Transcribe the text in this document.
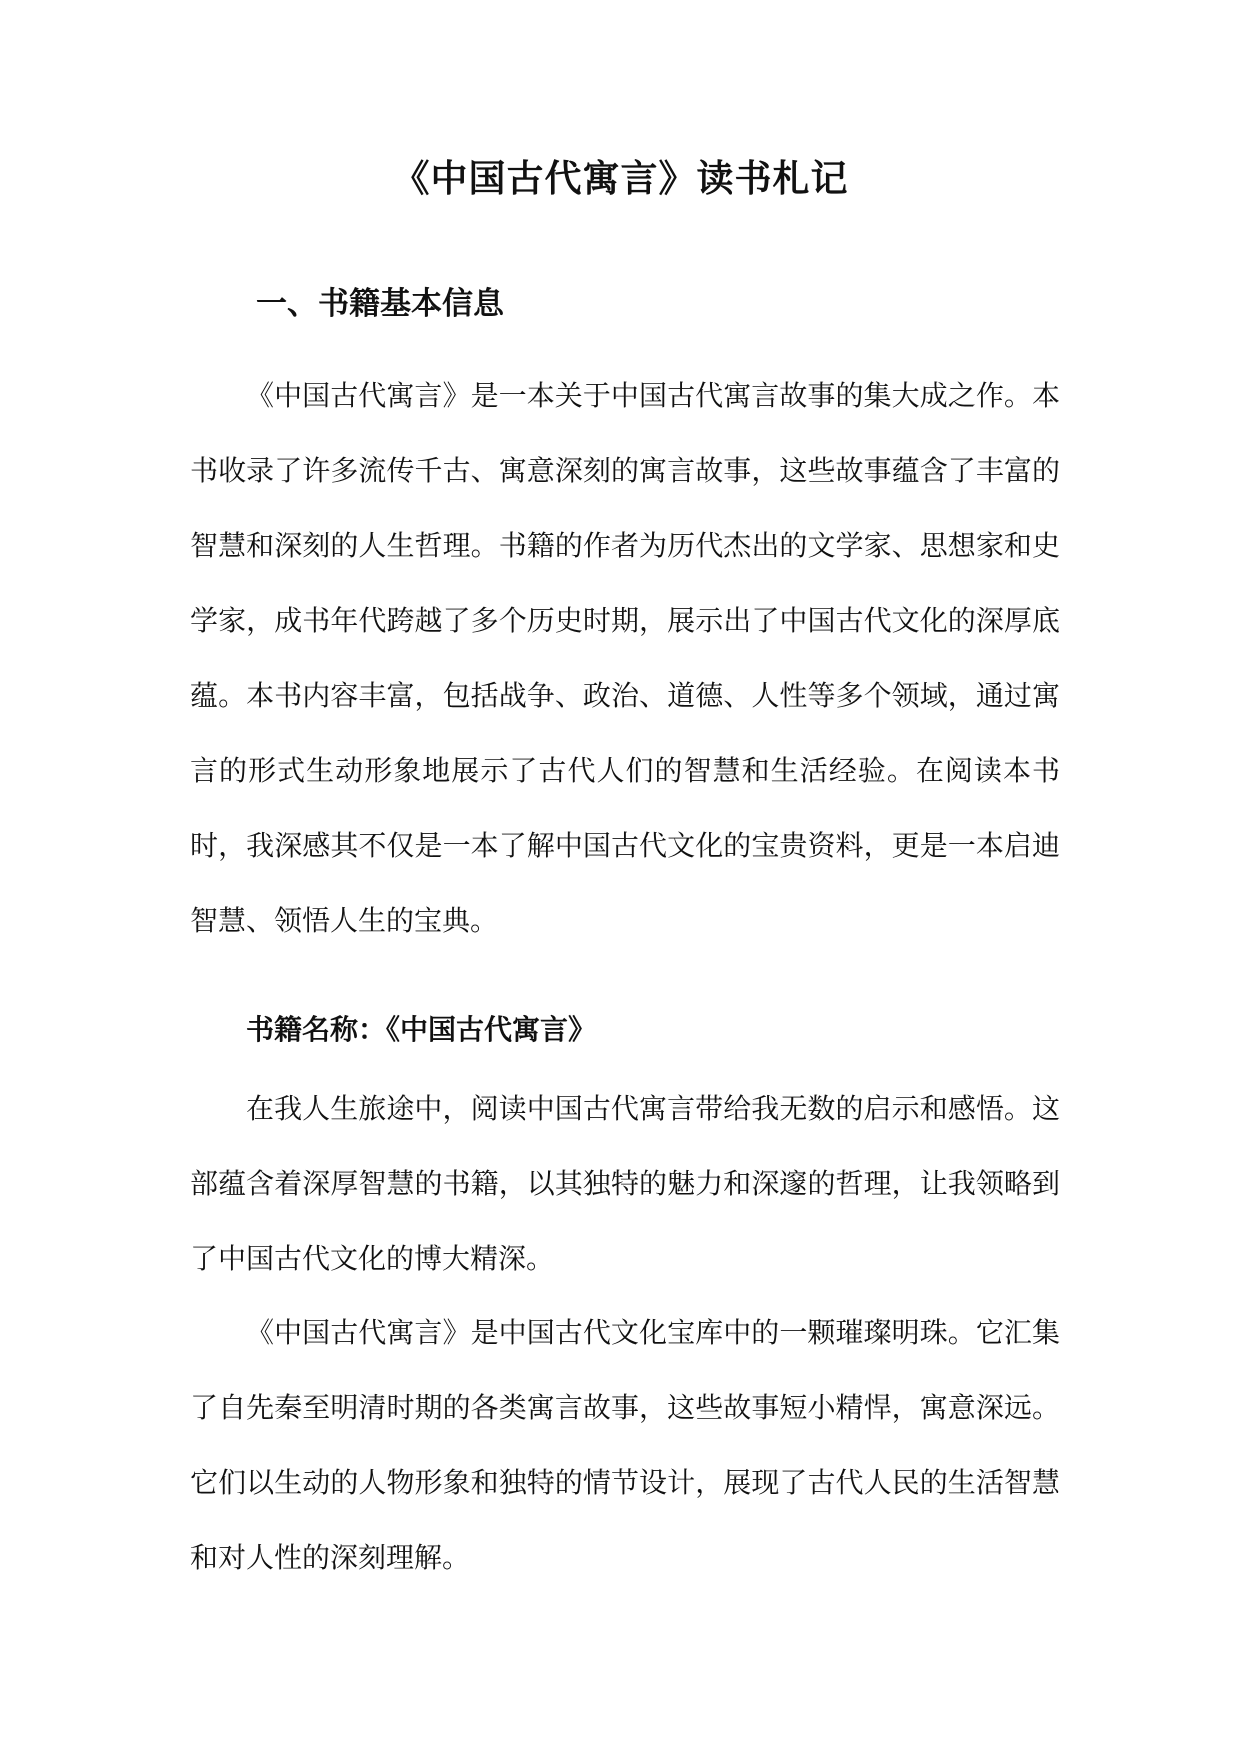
《中国古代寓言》读书札记
一、书籍基本信息

《中国古代寓言》是一本关于中国古代寓言故事的集大成之作。本书收录了许多流传千古、寓意深刻的寓言故事，这些故事蕴含了丰富的智慧和深刻的人生哲理。书籍的作者为历代杰出的文学家、思想家和史学家，成书年代跨越了多个历史时期，展示出了中国古代文化的深厚底蕴。本书内容丰富，包括战争、政治、道德、人性等多个领域，通过寓言的形式生动形象地展示了古代人们的智慧和生活经验。在阅读本书时，我深感其不仅是一本了解中国古代文化的宝贵资料，更是一本启迪智慧、领悟人生的宝典。

书籍名称：《中国古代寓言》

在我人生旅途中，阅读中国古代寓言带给我无数的启示和感悟。这部蕴含着深厚智慧的书籍，以其独特的魅力和深邃的哲理，让我领略到了中国古代文化的博大精深。

《中国古代寓言》是中国古代文化宝库中的一颗璀璨明珠。它汇集了自先秦至明清时期的各类寓言故事，这些故事短小精悍，寓意深远。它们以生动的人物形象和独特的情节设计，展现了古代人民的生活智慧和对人性的深刻理解。
